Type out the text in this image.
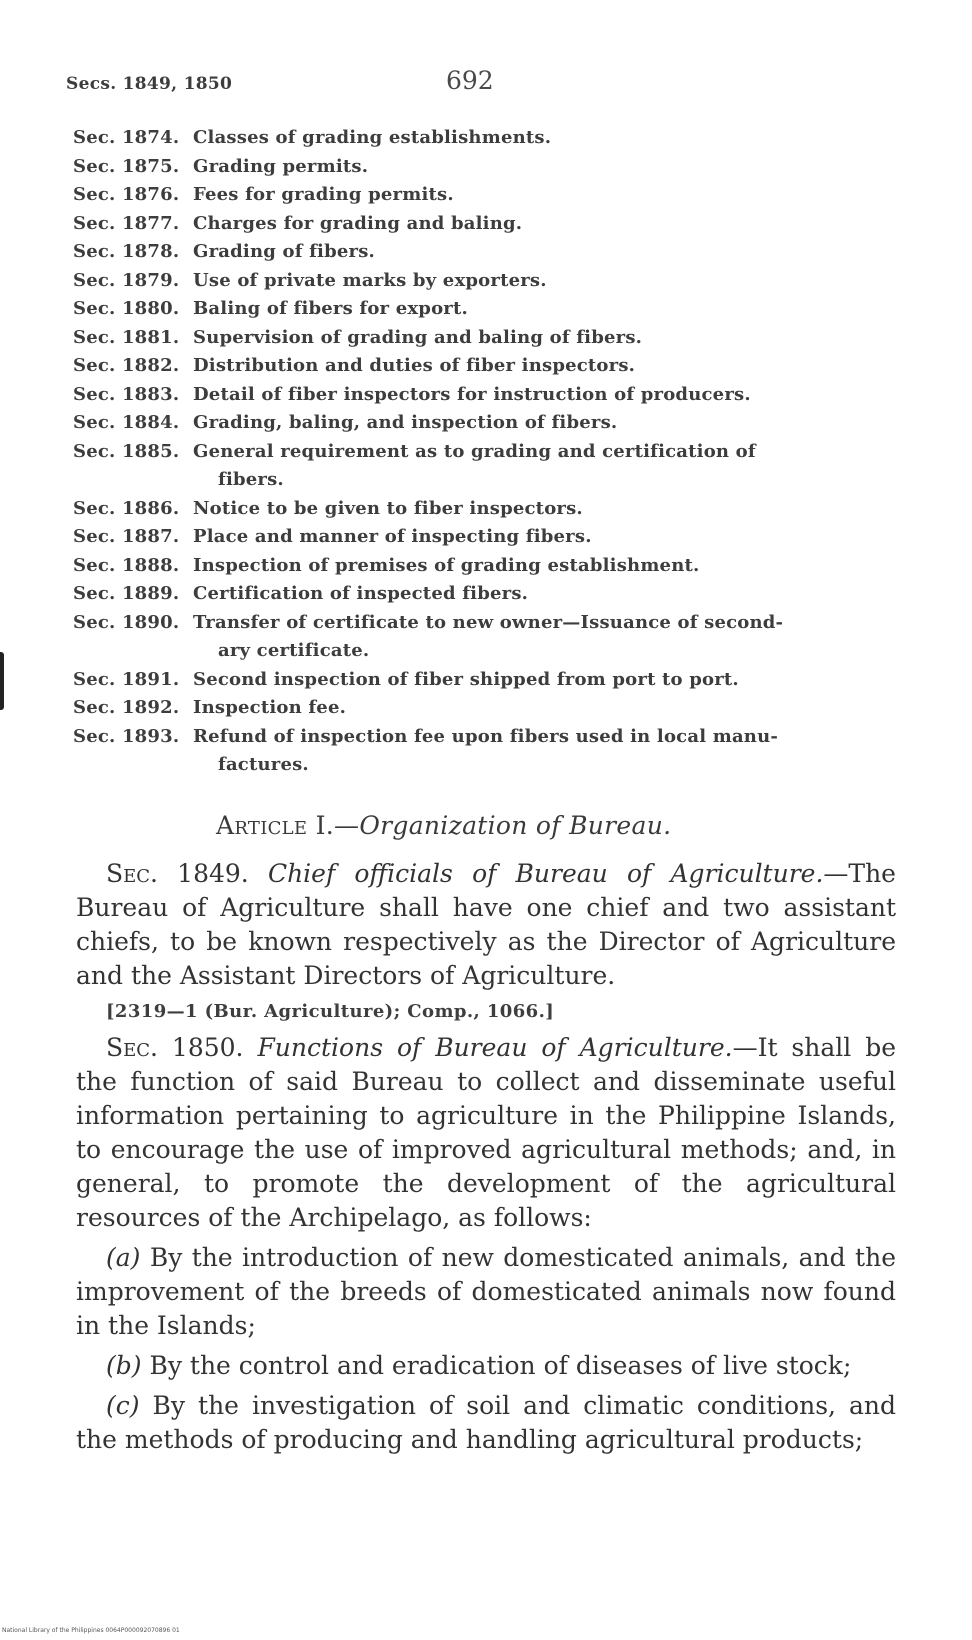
Secs. 1849, 1850	692
Sec. 1874. Classes of grading establishments.
Sec. 1875. Grading permits.
Sec. 1876. Fees for grading permits.
Sec. 1877. Charges for grading and baling.
Sec. 1878. Grading of fibers.
Sec. 1879. Use of private marks by exporters.
Sec. 1880. Baling of fibers for export.
Sec. 1881. Supervision of grading and baling of fibers.
Sec. 1882. Distribution and duties of fiber inspectors.
Sec. 1883. Detail of fiber inspectors for instruction of producers.
Sec. 1884. Grading, baling, and inspection of fibers.
Sec. 1885. General requirement as to grading and certification of
fibers.
Sec. 1886. Notice to be given to fiber inspectors.
Sec. 1887. Place and manner of inspecting fibers.
Sec. 1888. Inspection of premises of grading establishment.
Sec. 1889. Certification of inspected fibers.
Sec. 1890. Transfer of certificate to new owner—Issuance of second-
ary certificate.
Sec. 1891. Second inspection of fiber shipped from port to port.
Sec. 1892. Inspection fee.
Sec. 1893. Refund of inspection fee upon fibers used in local manu-
factures.
Article I.—Organization of Bureau.

Sec. 1849. Chief officials of Bureau of Agriculture.—The Bureau of Agriculture shall have one chief and two assistant chiefs, to be known respectively as the Director of Agriculture and the Assistant Directors of Agriculture.

[2319—1 (Bur. Agriculture); Comp., 1066.]

Sec. 1850. Functions of Bureau of Agriculture.—It shall be the function of said Bureau to collect and disseminate useful information pertaining to agriculture in the Philippine Islands, to encourage the use of improved agricultural methods; and, in general, to promote the development of the agricultural resources of the Archipelago, as follows:

(a) By the introduction of new domesticated animals, and the improvement of the breeds of domesticated animals now found in the Islands;

(b) By the control and eradication of diseases of live stock;

(c) By the investigation of soil and climatic conditions, and the methods of producing and handling agricultural products;

National Library of the Philippines 0064P000092070896 01
